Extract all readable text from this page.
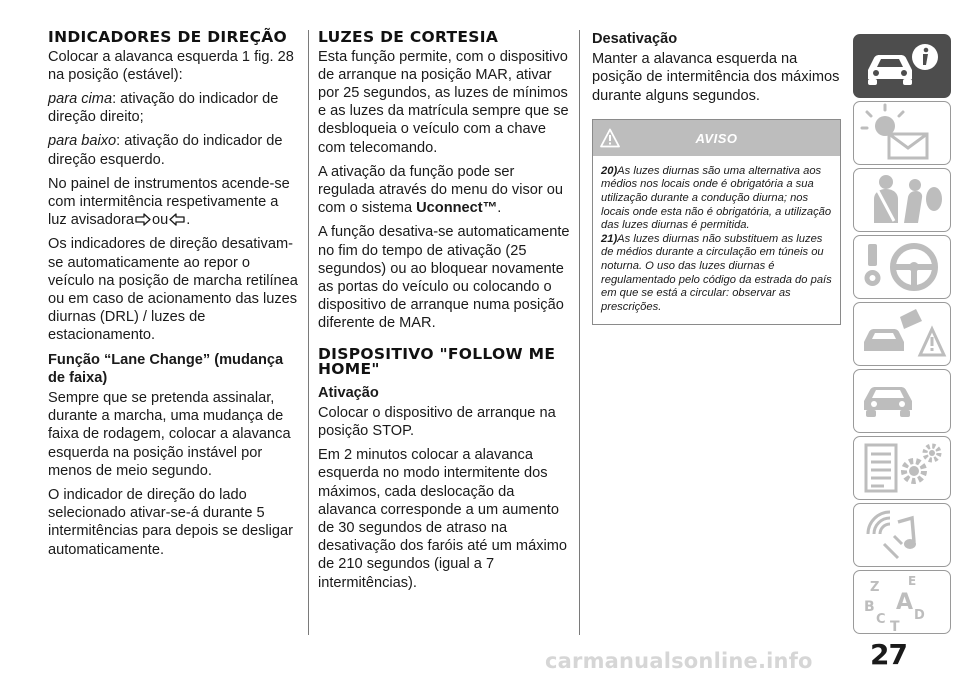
INDICADORES DE DIREÇÃO

Colocar a alavanca esquerda 1 fig. 28 na posição (estável):

para cima: ativação do indicador de direção direito;

para baixo: ativação do indicador de direção esquerdo.

No painel de instrumentos acende-se com intermitência respetivamente a luz avisadora ou .

Os indicadores de direção desativam-se automaticamente ao repor o veículo na posição de marcha retilínea ou em caso de acionamento das luzes diurnas (DRL) / luzes de estacionamento.

Função “Lane Change” (mudança de faixa)

Sempre que se pretenda assinalar, durante a marcha, uma mudança de faixa de rodagem, colocar a alavanca esquerda na posição instável por menos de meio segundo.

O indicador de direção do lado selecionado ativar-se-á durante 5 intermitências para depois se desligar automaticamente.

LUZES DE CORTESIA

Esta função permite, com o dispositivo de arranque na posição MAR, ativar por 25 segundos, as luzes de mínimos e as luzes da matrícula sempre que se desbloqueia o veículo com a chave com telecomando.

A ativação da função pode ser regulada através do menu do visor ou com o sistema Uconnect™.

A função desativa-se automaticamente no fim do tempo de ativação (25 segundos) ou ao bloquear novamente as portas do veículo ou colocando o dispositivo de arranque numa posição diferente de MAR.

DISPOSITIVO "FOLLOW ME HOME"
Ativação

Colocar o dispositivo de arranque na posição STOP.

Em 2 minutos colocar a alavanca esquerda no modo intermitente dos máximos, cada deslocação da alavanca corresponde a um aumento de 30 segundos de atraso na desativação dos faróis até um máximo de 210 segundos (igual a 7 intermitências).

Desativação

Manter a alavanca esquerda na posição de intermitência dos máximos durante alguns segundos.

AVISO

20)As luzes diurnas são uma alternativa aos médios nos locais onde é obrigatória a sua utilização durante a condução diurna; nos locais onde esta não é obrigatória, a utilização das luzes diurnas é permitida.

21)As luzes diurnas não substituem as luzes de médios durante a circulação em túneis ou noturna. O uso das luzes diurnas é regulamentado pelo código da estrada do país em que se está a circular: observar as prescrições.

Z E
B A
C T
D
27
carmanualsonline.info
